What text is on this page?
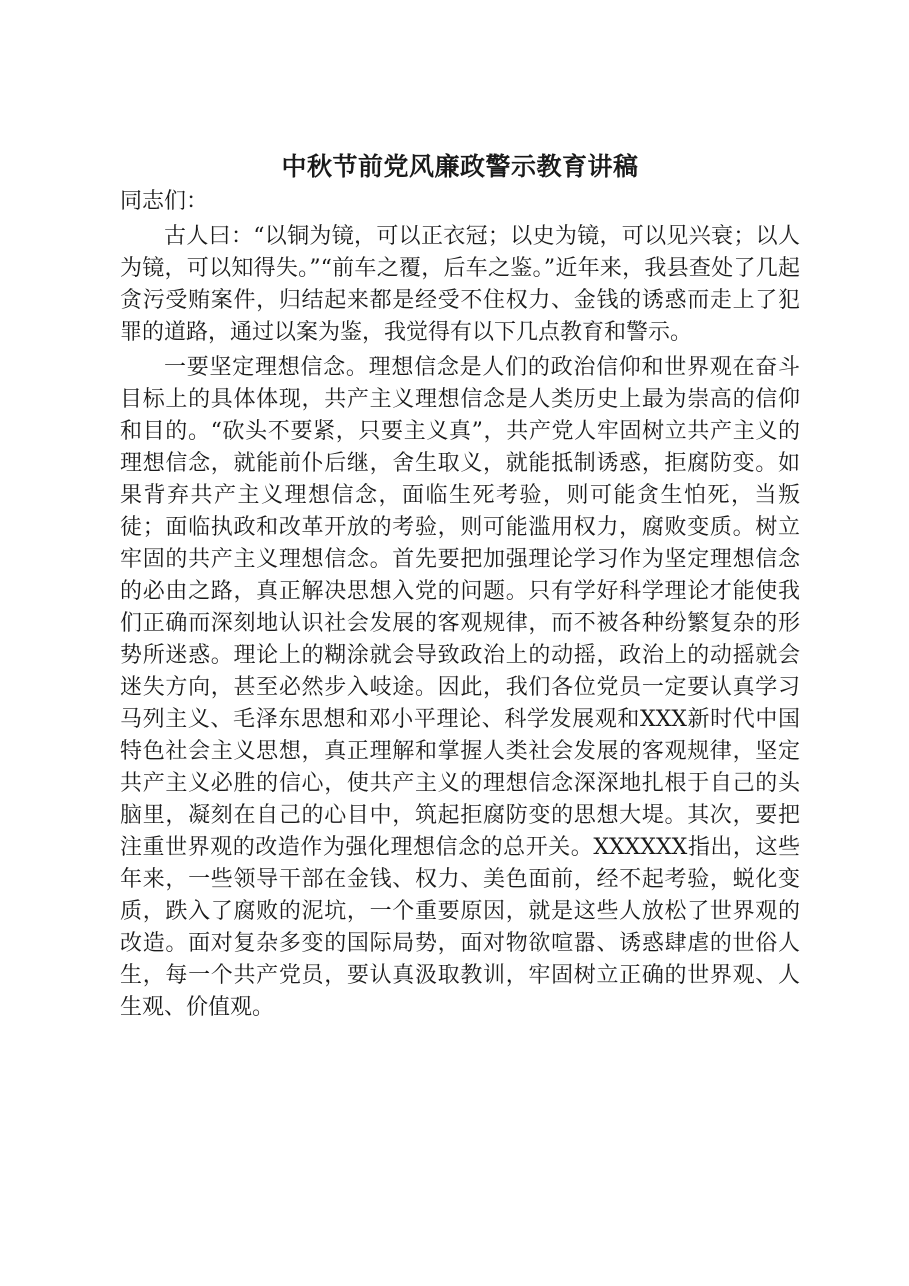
中秋节前党风廉政警示教育讲稿

同志们：

古人曰：“以铜为镜，可以正衣冠；以史为镜，可以见兴衰；以人为镜，可以知得失。”“前车之覆，后车之鉴。”近年来，我县查处了几起贪污受贿案件，归结起来都是经受不住权力、金钱的诱惑而走上了犯罪的道路，通过以案为鉴，我觉得有以下几点教育和警示。

一要坚定理想信念。理想信念是人们的政治信仰和世界观在奋斗目标上的具体体现，共产主义理想信念是人类历史上最为崇高的信仰和目的。“砍头不要紧，只要主义真”，共产党人牢固树立共产主义的理想信念，就能前仆后继，舍生取义，就能抵制诱惑，拒腐防变。如果背弃共产主义理想信念，面临生死考验，则可能贪生怕死，当叛徒；面临执政和改革开放的考验，则可能滥用权力，腐败变质。树立牢固的共产主义理想信念。首先要把加强理论学习作为坚定理想信念的必由之路，真正解决思想入党的问题。只有学好科学理论才能使我们正确而深刻地认识社会发展的客观规律，而不被各种纷繁复杂的形势所迷惑。理论上的糊涂就会导致政治上的动摇，政治上的动摇就会迷失方向，甚至必然步入岐途。因此，我们各位党员一定要认真学习马列主义、毛泽东思想和邓小平理论、科学发展观和XXX新时代中国特色社会主义思想，真正理解和掌握人类社会发展的客观规律，坚定共产主义必胜的信心，使共产主义的理想信念深深地扎根于自己的头脑里，凝刻在自己的心目中，筑起拒腐防变的思想大堤。其次，要把注重世界观的改造作为强化理想信念的总开关。XXXXXX指出，这些年来，一些领导干部在金钱、权力、美色面前，经不起考验，蜕化变质，跌入了腐败的泥坑，一个重要原因，就是这些人放松了世界观的改造。面对复杂多变的国际局势，面对物欲喧嚣、诱惑肆虐的世俗人生，每一个共产党员，要认真汲取教训，牢固树立正确的世界观、人生观、价值观。
